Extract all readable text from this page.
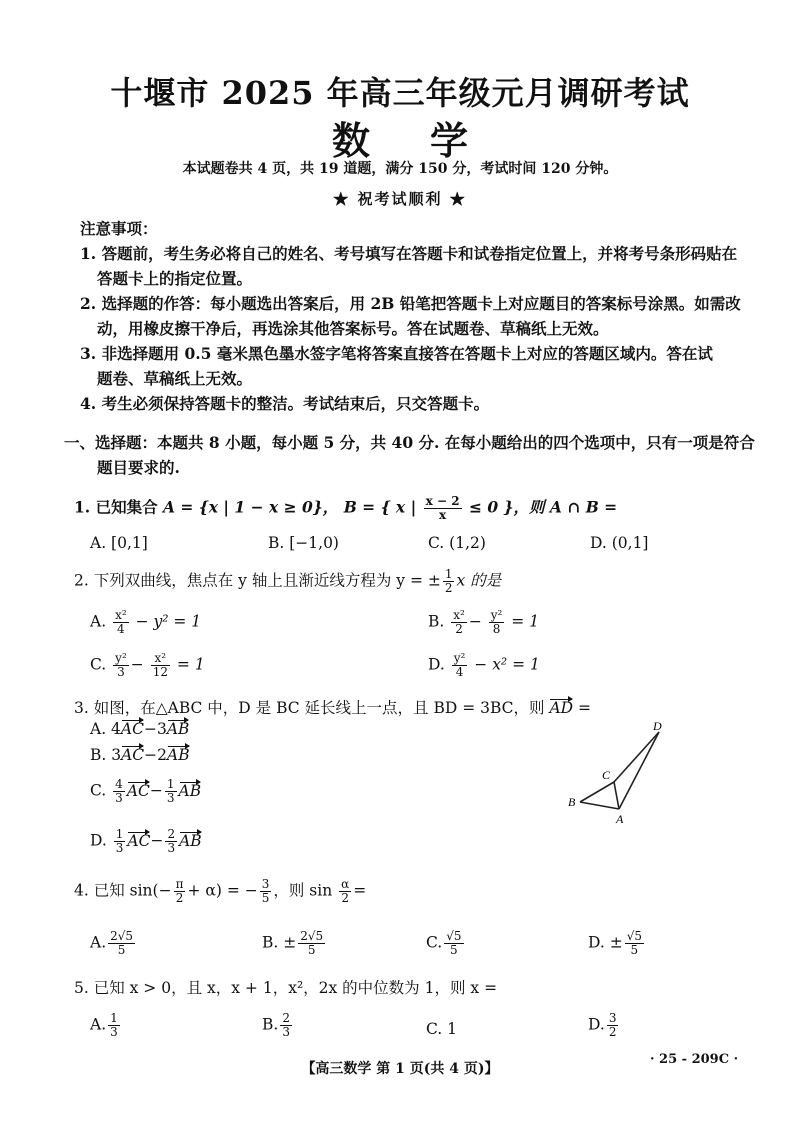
十堰市 2025 年高三年级元月调研考试
数学
本试题卷共 4 页，共 19 道题，满分 150 分，考试时间 120 分钟。
★ 祝考试顺利 ★
注意事项：
1. 答题前，考生务必将自己的姓名、考号填写在答题卡和试卷指定位置上，并将考号条形码贴在
答题卡上的指定位置。
2. 选择题的作答：每小题选出答案后，用 2B 铅笔把答题卡上对应题目的答案标号涂黑。如需改
动，用橡皮擦干净后，再选涂其他答案标号。答在试题卷、草稿纸上无效。
3. 非选择题用 0.5 毫米黑色墨水签字笔将答案直接答在答题卡上对应的答题区域内。答在试
题卷、草稿纸上无效。
4. 考生必须保持答题卡的整洁。考试结束后，只交答题卡。
一、选择题：本题共 8 小题，每小题 5 分，共 40 分. 在每小题给出的四个选项中，只有一项是符合
题目要求的.
1. 已知集合 A = {x | 1 − x ≥ 0}， B = { x | $\frac{x - 2}{x} \le 0$ }，则 A ∩ B =
A. [0,1]	B. [−1,0)	C. (1,2)	D. (0,1]
2. 下列双曲线，焦点在 y 轴上且渐近线方程为 y = ± $\frac{1}{2}$ x 的是
A. $\frac{\text{x²}}{4} - y^2 = 1$	B. $\frac{\text{x²}}{2} - \frac{\text{y²}}{8} = 1$
C. $\frac{\text{y²}}{3} - \frac{\text{x²}}{12} = 1$	D. $\frac{\text{y²}}{4} - x^2 = 1$
3. 如图，在△ABC 中，D 是 BC 延长线上一点，且 BD = 3BC，则 AD =
A. 4AC−3AB
B. 3AC−2AB
C. $\frac{4}{3} AC- \frac{1}{3}$ AB
D. $\frac{1}{3} AC- \frac{2}{3}$ AB
D
C
B
A
4. 已知 $\sin(- \frac{\pi}{2} + \alpha)$ = − $\frac{3}{5}$ ，则 $\sin \frac{\alpha}{2}$ =
A. $\frac{2√5}{5}$	B. ± $\frac{2√5}{5}$	C. $\frac{√5}{5}$	D. ± $\frac{√5}{5}$
5. 已知 x > 0，且 x，x + 1，x²，2x 的中位数为 1，则 x =
A. $\frac{1}{3}$	B. $\frac{2}{3}$	C. 1	D. $\frac{3}{2}$
【高三数学 第 1 页(共 4 页)】
· 25 - 209C ·
